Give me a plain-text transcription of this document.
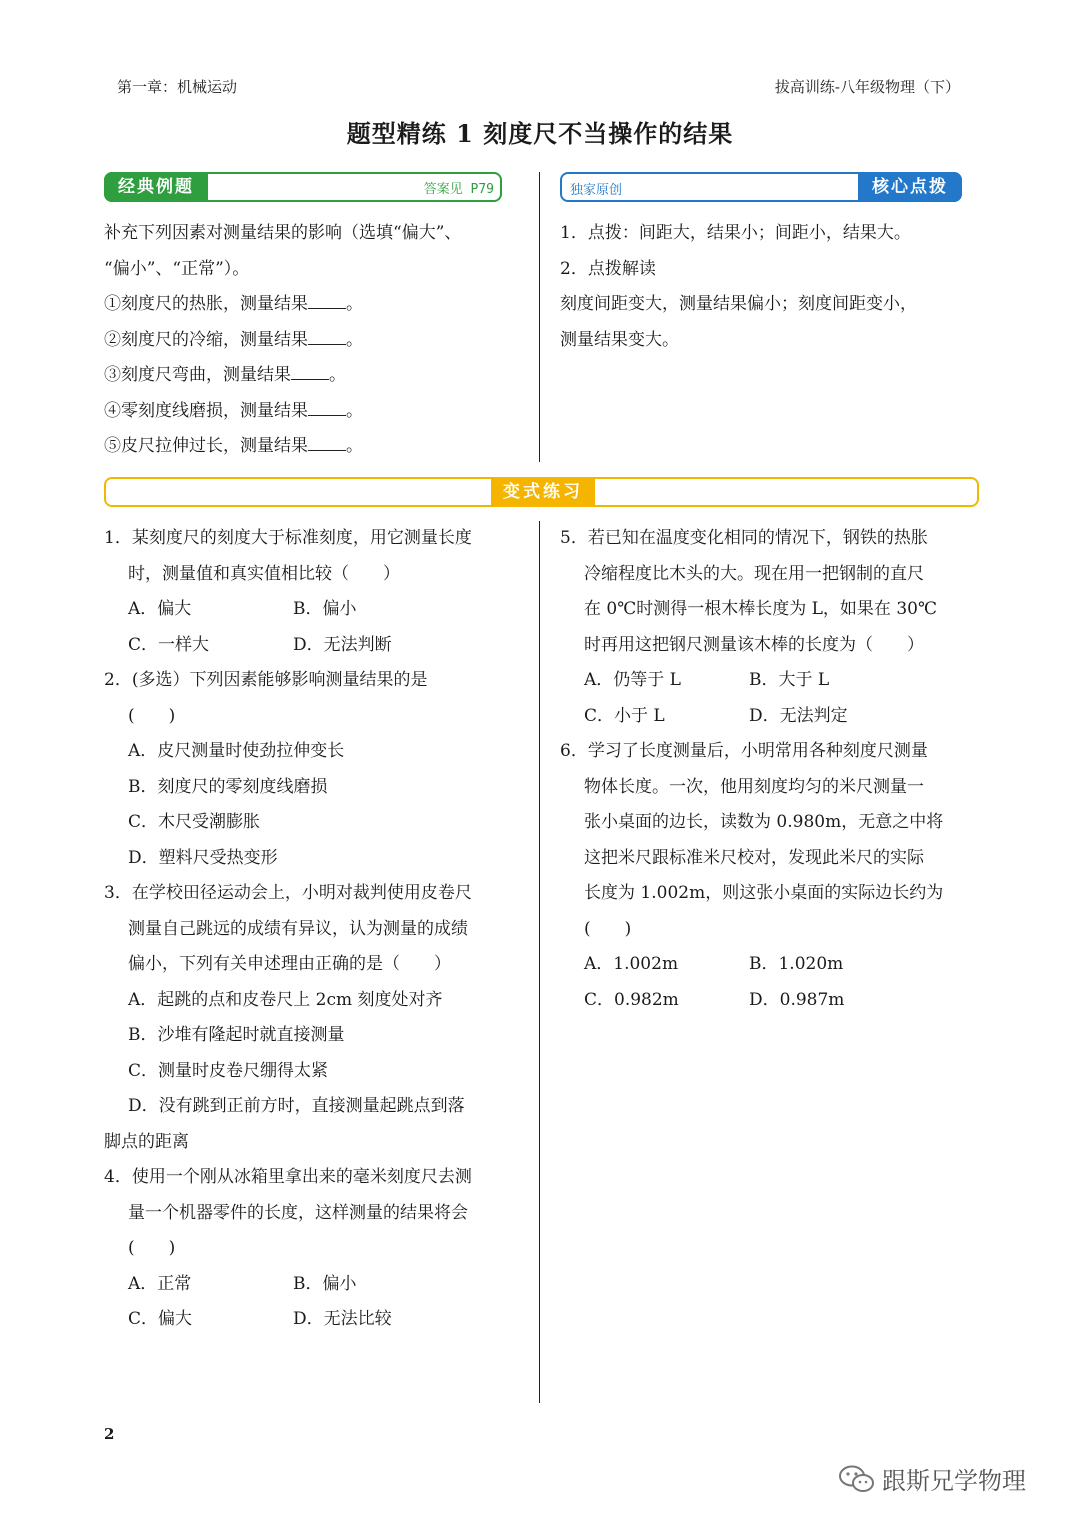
第一章：机械运动	拔高训练-八年级物理（下）
题型精练 1 刻度尺不当操作的结果
经典例题	答案见 P79

补充下列因素对测量结果的影响（选填“偏大”、

“偏小”、“正常”）。

①刻度尺的热胀，测量结果 。

②刻度尺的冷缩，测量结果 。

③刻度尺弯曲，测量结果 。

④零刻度线磨损，测量结果 。

⑤皮尺拉伸过长，测量结果 。

独家原创	核心点拨

1．点拨：间距大，结果小；间距小，结果大。

2．点拨解读

刻度间距变大，测量结果偏小；刻度间距变小，

测量结果变大。

变式练习

1．某刻度尺的刻度大于标准刻度，用它测量长度

时，测量值和真实值相比较（　　）

A．偏大	B．偏小

C．一样大	D．无法判断

2．(多选）下列因素能够影响测量结果的是

(　　)

A．皮尺测量时使劲拉伸变长

B．刻度尺的零刻度线磨损

C．木尺受潮膨胀

D．塑料尺受热变形

3．在学校田径运动会上，小明对裁判使用皮卷尺

测量自己跳远的成绩有异议，认为测量的成绩

偏小，下列有关申述理由正确的是（　　）

A．起跳的点和皮卷尺上 2cm 刻度处对齐

B．沙堆有隆起时就直接测量

C．测量时皮卷尺绷得太紧

D．没有跳到正前方时，直接测量起跳点到落

脚点的距离

4．使用一个刚从冰箱里拿出来的毫米刻度尺去测

量一个机器零件的长度，这样测量的结果将会

(　　)

A．正常	B．偏小

C．偏大	D．无法比较

5．若已知在温度变化相同的情况下，钢铁的热胀

冷缩程度比木头的大。现在用一把钢制的直尺

在 0℃时测得一根木棒长度为 L，如果在 30℃

时再用这把钢尺测量该木棒的长度为（　　）

A．仍等于 L	B．大于 L

C．小于 L	D．无法判定

6．学习了长度测量后，小明常用各种刻度尺测量

物体长度。一次，他用刻度均匀的米尺测量一

张小桌面的边长，读数为 0.980m，无意之中将

这把米尺跟标准米尺校对，发现此米尺的实际

长度为 1.002m，则这张小桌面的实际边长约为

(　　)

A．1.002m	B．1.020m

C．0.982m	D．0.987m

2
跟斯兄学物理
